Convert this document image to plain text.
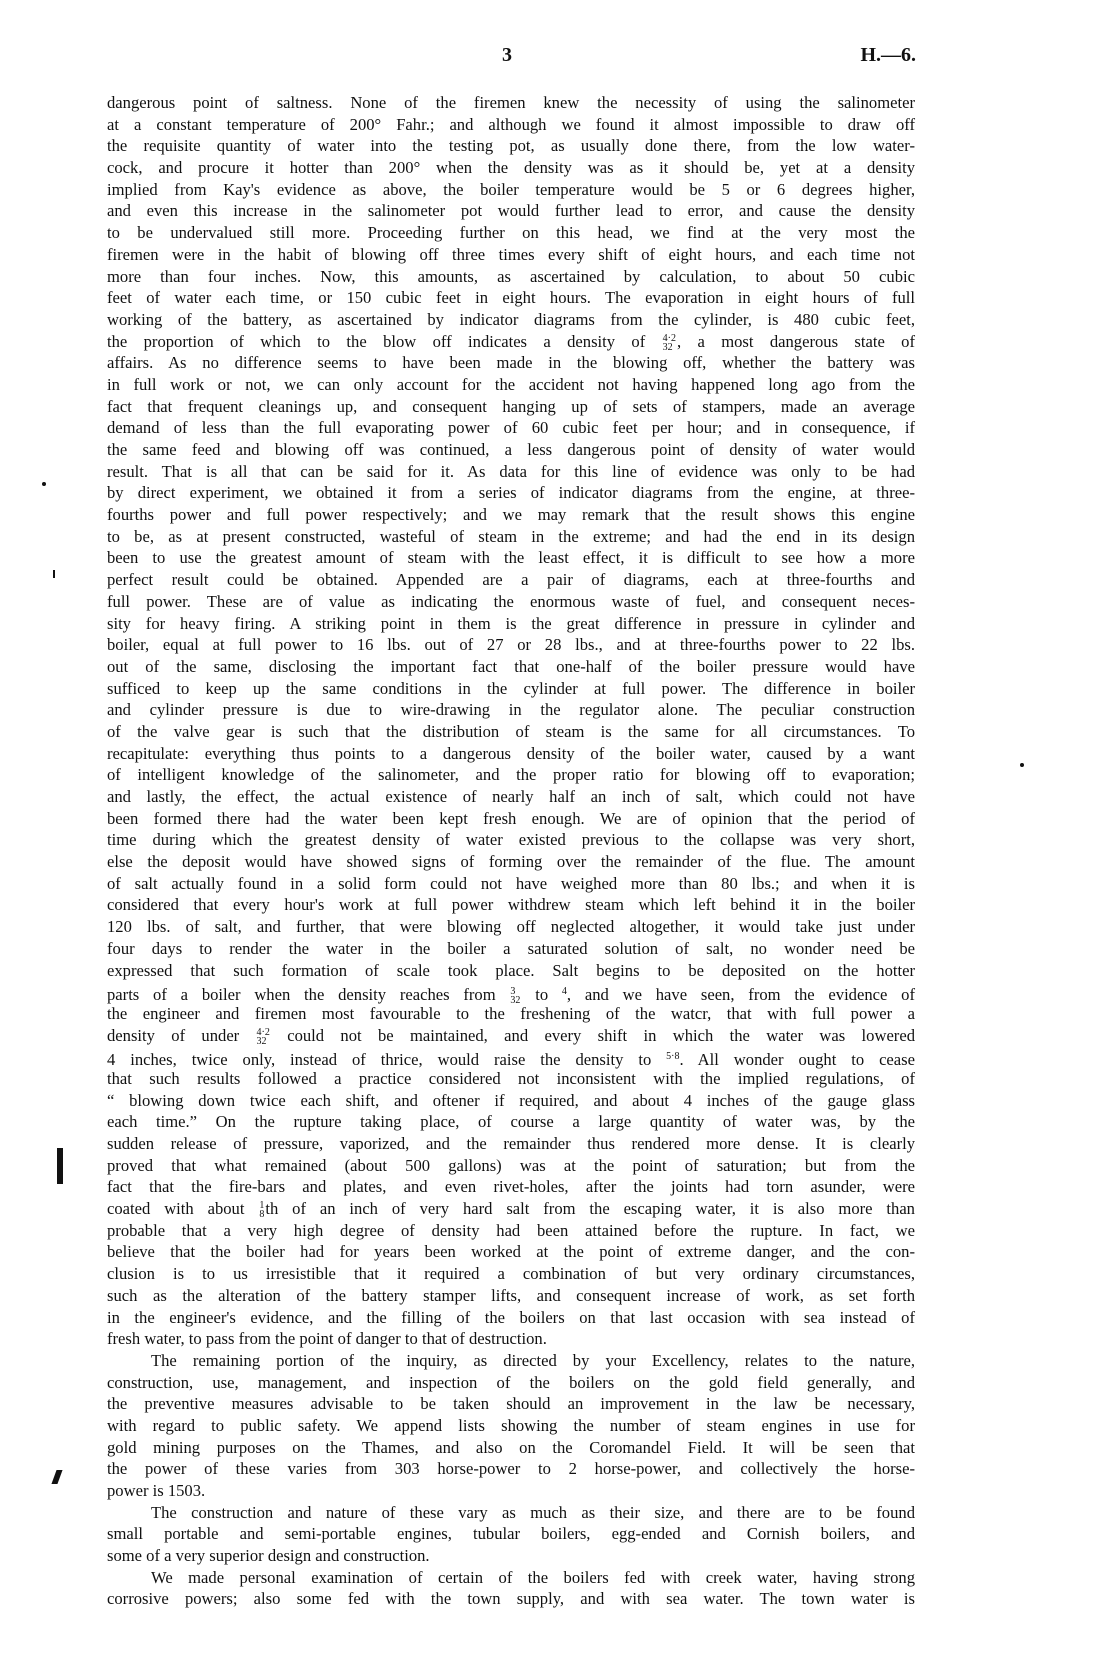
3	H.—6.
dangerous point of saltness. None of the firemen knew the necessity of using the salinometer
at a constant temperature of 200° Fahr.; and although we found it almost impossible to draw off
the requisite quantity of water into the testing pot, as usually done there, from the low water-
cock, and procure it hotter than 200° when the density was as it should be, yet at a density
implied from Kay's evidence as above, the boiler temperature would be 5 or 6 degrees higher,
and even this increase in the salinometer pot would further lead to error, and cause the density
to be undervalued still more. Proceeding further on this head, we find at the very most the
firemen were in the habit of blowing off three times every shift of eight hours, and each time not
more than four inches. Now, this amounts, as ascertained by calculation, to about 50 cubic
feet of water each time, or 150 cubic feet in eight hours. The evaporation in eight hours of full
working of the battery, as ascertained by indicator diagrams from the cylinder, is 480 cubic feet,
the proportion of which to the blow off indicates a density of 4·2
32 , a most dangerous state of
affairs. As no difference seems to have been made in the blowing off, whether the battery was
in full work or not, we can only account for the accident not having happened long ago from the
fact that frequent cleanings up, and consequent hanging up of sets of stampers, made an average
demand of less than the full evaporating power of 60 cubic feet per hour; and in consequence, if
the same feed and blowing off was continued, a less dangerous point of density of water would
result. That is all that can be said for it. As data for this line of evidence was only to be had
by direct experiment, we obtained it from a series of indicator diagrams from the engine, at three-
fourths power and full power respectively; and we may remark that the result shows this engine
to be, as at present constructed, wasteful of steam in the extreme; and had the end in its design
been to use the greatest amount of steam with the least effect, it is difficult to see how a more
perfect result could be obtained. Appended are a pair of diagrams, each at three-fourths and
full power. These are of value as indicating the enormous waste of fuel, and consequent neces-
sity for heavy firing. A striking point in them is the great difference in pressure in cylinder and
boiler, equal at full power to 16 lbs. out of 27 or 28 lbs., and at three-fourths power to 22 lbs.
out of the same, disclosing the important fact that one-half of the boiler pressure would have
sufficed to keep up the same conditions in the cylinder at full power. The difference in boiler
and cylinder pressure is due to wire-drawing in the regulator alone. The peculiar construction
of the valve gear is such that the distribution of steam is the same for all circumstances. To
recapitulate: everything thus points to a dangerous density of the boiler water, caused by a want
of intelligent knowledge of the salinometer, and the proper ratio for blowing off to evaporation;
and lastly, the effect, the actual existence of nearly half an inch of salt, which could not have
been formed there had the water been kept fresh enough. We are of opinion that the period of
time during which the greatest density of water existed previous to the collapse was very short,
else the deposit would have showed signs of forming over the remainder of the flue. The amount
of salt actually found in a solid form could not have weighed more than 80 lbs.; and when it is
considered that every hour's work at full power withdrew steam which left behind it in the boiler
120 lbs. of salt, and further, that were blowing off neglected altogether, it would take just under
four days to render the water in the boiler a saturated solution of salt, no wonder need be
expressed that such formation of scale took place. Salt begins to be deposited on the hotter
parts of a boiler when the density reaches from 3
32 to $^4$, and we have seen, from the evidence of
the engineer and firemen most favourable to the freshening of the watcr, that with full power a
density of under 4·2
32 could not be maintained, and every shift in which the water was lowered
4 inches, twice only, instead of thrice, would raise the density to $^{5\cdot 8}$. All wonder ought to cease
that such results followed a practice considered not inconsistent with the implied regulations, of
“ blowing down twice each shift, and oftener if required, and about 4 inches of the gauge glass
each time.” On the rupture taking place, of course a large quantity of water was, by the
sudden release of pressure, vaporized, and the remainder thus rendered more dense. It is clearly
proved that what remained (about 500 gallons) was at the point of saturation; but from the
fact that the fire-bars and plates, and even rivet-holes, after the joints had torn asunder, were
coated with about 1
8 th of an inch of very hard salt from the escaping water, it is also more than
probable that a very high degree of density had been attained before the rupture. In fact, we
believe that the boiler had for years been worked at the point of extreme danger, and the con-
clusion is to us irresistible that it required a combination of but very ordinary circumstances,
such as the alteration of the battery stamper lifts, and consequent increase of work, as set forth
in the engineer's evidence, and the filling of the boilers on that last occasion with sea instead of
fresh water, to pass from the point of danger to that of destruction.
The remaining portion of the inquiry, as directed by your Excellency, relates to the nature,
construction, use, management, and inspection of the boilers on the gold field generally, and
the preventive measures advisable to be taken should an improvement in the law be necessary,
with regard to public safety. We append lists showing the number of steam engines in use for
gold mining purposes on the Thames, and also on the Coromandel Field. It will be seen that
the power of these varies from 303 horse-power to 2 horse-power, and collectively the horse-
power is 1503.
The construction and nature of these vary as much as their size, and there are to be found
small portable and semi-portable engines, tubular boilers, egg-ended and Cornish boilers, and
some of a very superior design and construction.
We made personal examination of certain of the boilers fed with creek water, having strong
corrosive powers; also some fed with the town supply, and with sea water. The town water is
